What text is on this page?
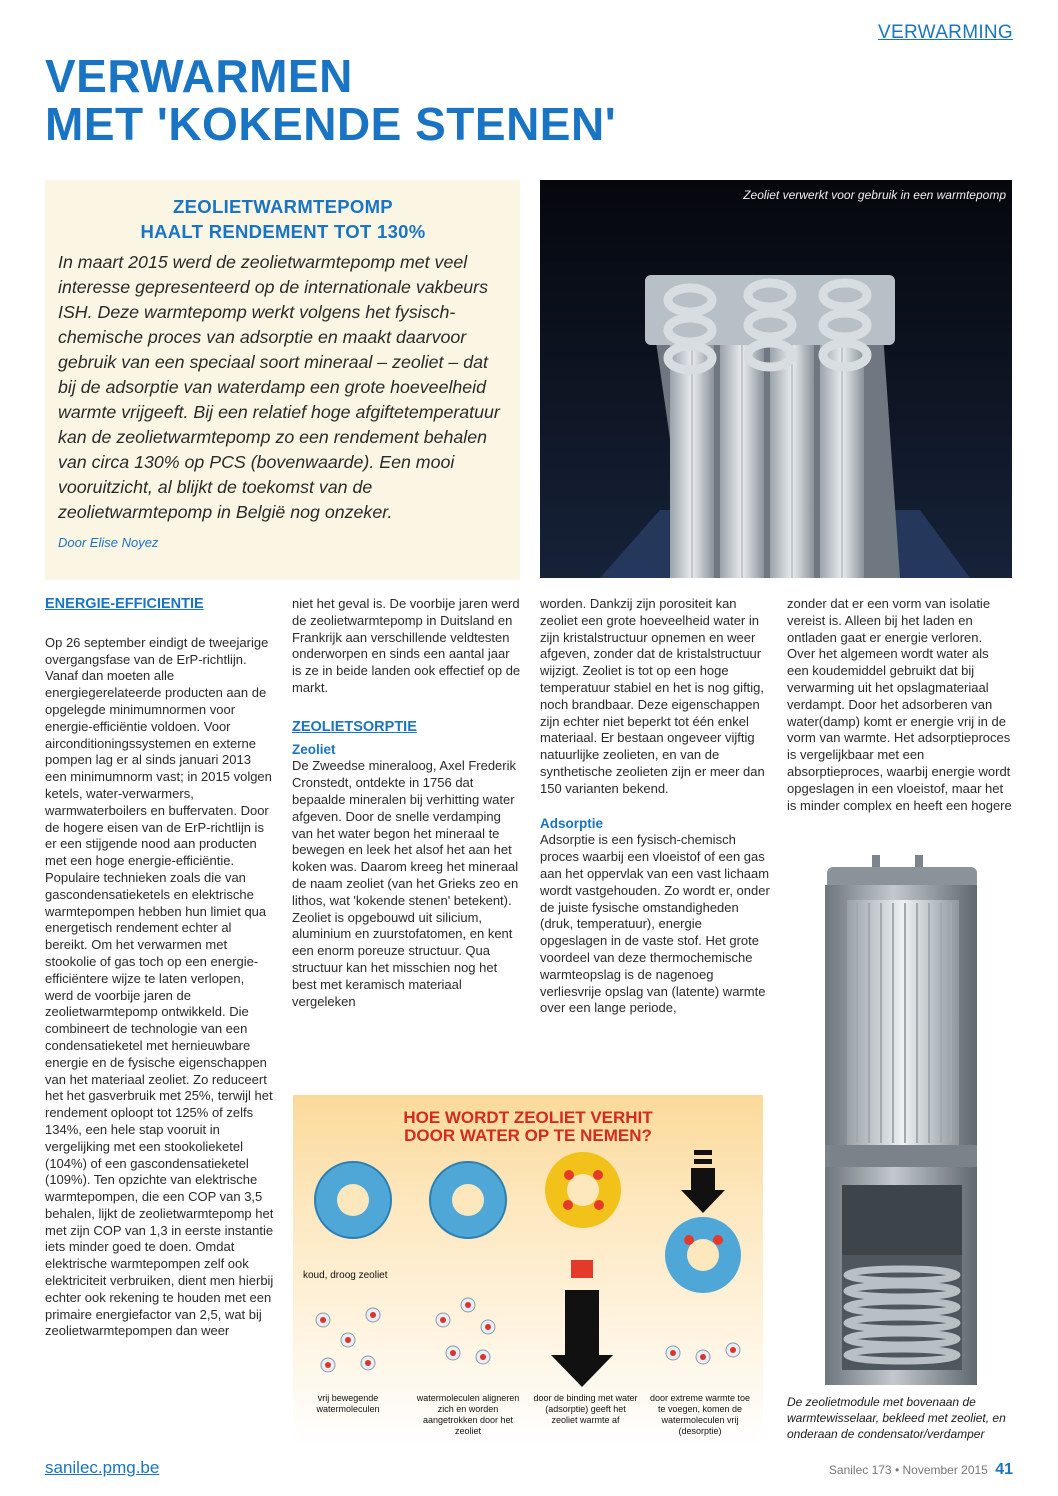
VERWARMING
VERWARMEN
MET 'KOKENDE STENEN'
ZEOLIETWARMTEPOMP
HAALT RENDEMENT TOT 130%

In maart 2015 werd de zeolietwarmtepomp met veel interesse gepresenteerd op de internationale vakbeurs ISH. Deze warmtepomp werkt volgens het fysisch-chemische proces van adsorptie en maakt daarvoor gebruik van een speciaal soort mineraal – zeoliet – dat bij de adsorptie van waterdamp een grote hoeveelheid warmte vrijgeeft. Bij een relatief hoge afgiftetemperatuur kan de zeolietwarmtepomp zo een rendement behalen van circa 130% op PCS (bovenwaarde). Een mooi vooruitzicht, al blijkt de toekomst van de zeolietwarmtepomp in België nog onzeker.

Door Elise Noyez

Zeoliet verwerkt voor gebruik in een warmtepomp

ENERGIE-EFFICIENTIE

Op 26 september eindigt de tweejarige overgangsfase van de ErP-richtlijn. Vanaf dan moeten alle energiegerelateerde producten aan de opgelegde minimumnormen voor energie-efficiëntie voldoen. Voor airconditioningssystemen en externe pompen lag er al sinds januari 2013 een minimumnorm vast; in 2015 volgen ketels, water-verwarmers, warmwaterboilers en buffervaten. Door de hogere eisen van de ErP-richtlijn is er een stijgende nood aan producten met een hoge energie-efficiëntie. Populaire technieken zoals die van gascondensatieketels en elektrische warmtepompen hebben hun limiet qua energetisch rendement echter al bereikt. Om het verwarmen met stookolie of gas toch op een energie-efficiëntere wijze te laten verlopen, werd de voorbije jaren de zeolietwarmtepomp ontwikkeld. Die combineert de technologie van een condensatieketel met hernieuwbare energie en de fysische eigenschappen van het materiaal zeoliet. Zo reduceert het het gasverbruik met 25%, terwijl het rendement oploopt tot 125% of zelfs 134%, een hele stap vooruit in vergelijking met een stookolieketel (104%) of een gascondensatieketel (109%). Ten opzichte van elektrische warmtepompen, die een COP van 3,5 behalen, lijkt de zeolietwarmtepomp het met zijn COP van 1,3 in eerste instantie iets minder goed te doen. Omdat elektrische warmtepompen zelf ook elektriciteit verbruiken, dient men hierbij echter ook rekening te houden met een primaire energiefactor van 2,5, wat bij zeolietwarmtepompen dan weer

niet het geval is. De voorbije jaren werd de zeolietwarmtepomp in Duitsland en Frankrijk aan verschillende veldtesten onderworpen en sinds een aantal jaar is ze in beide landen ook effectief op de markt.

ZEOLIETSORPTIE

Zeoliet

De Zweedse mineraloog, Axel Frederik Cronstedt, ontdekte in 1756 dat bepaalde mineralen bij verhitting water afgeven. Door de snelle verdamping van het water begon het mineraal te bewegen en leek het alsof het aan het koken was. Daarom kreeg het mineraal de naam zeoliet (van het Grieks zeo en lithos, wat 'kokende stenen' betekent). Zeoliet is opgebouwd uit silicium, aluminium en zuurstofatomen, en kent een enorm poreuze structuur. Qua structuur kan het misschien nog het best met keramisch materiaal vergeleken

worden. Dankzij zijn porositeit kan zeoliet een grote hoeveelheid water in zijn kristalstructuur opnemen en weer afgeven, zonder dat de kristalstructuur wijzigt. Zeoliet is tot op een hoge temperatuur stabiel en het is nog giftig, noch brandbaar. Deze eigenschappen zijn echter niet beperkt tot één enkel materiaal. Er bestaan ongeveer vijftig natuurlijke zeolieten, en van de synthetische zeolieten zijn er meer dan 150 varianten bekend.

Adsorptie

Adsorptie is een fysisch-chemisch proces waarbij een vloeistof of een gas aan het oppervlak van een vast lichaam wordt vastgehouden. Zo wordt er, onder de juiste fysische omstandigheden (druk, temperatuur), energie opgeslagen in de vaste stof. Het grote voordeel van deze thermochemische warmteopslag is de nagenoeg verliesvrije opslag van (latente) warmte over een lange periode,

zonder dat er een vorm van isolatie vereist is. Alleen bij het laden en ontladen gaat er energie verloren. Over het algemeen wordt water als een koudemiddel gebruikt dat bij verwarming uit het opslagmateriaal verdampt. Door het adsorberen van water(damp) komt er energie vrij in de vorm van warmte. Het adsorptieproces is vergelijkbaar met een absorptieproces, waarbij energie wordt opgeslagen in een vloeistof, maar het is minder complex en heeft een hogere

HOE WORDT ZEOLIET VERHIT
DOOR WATER OP TE NEMEN?
koud, droog zeoliet
vrij bewegende watermoleculen
watermoleculen aligneren zich en worden aangetrokken door het zeoliet
door de binding met water (adsorptie) geeft het zeoliet warmte af
door extreme warmte toe te voegen, komen de watermoleculen vrij (desorptie)
De zeolietmodule met bovenaan de warmtewisselaar, bekleed met zeoliet, en onderaan de condensator/verdamper
sanilec.pmg.be	Sanilec 173 • November 2015 41
